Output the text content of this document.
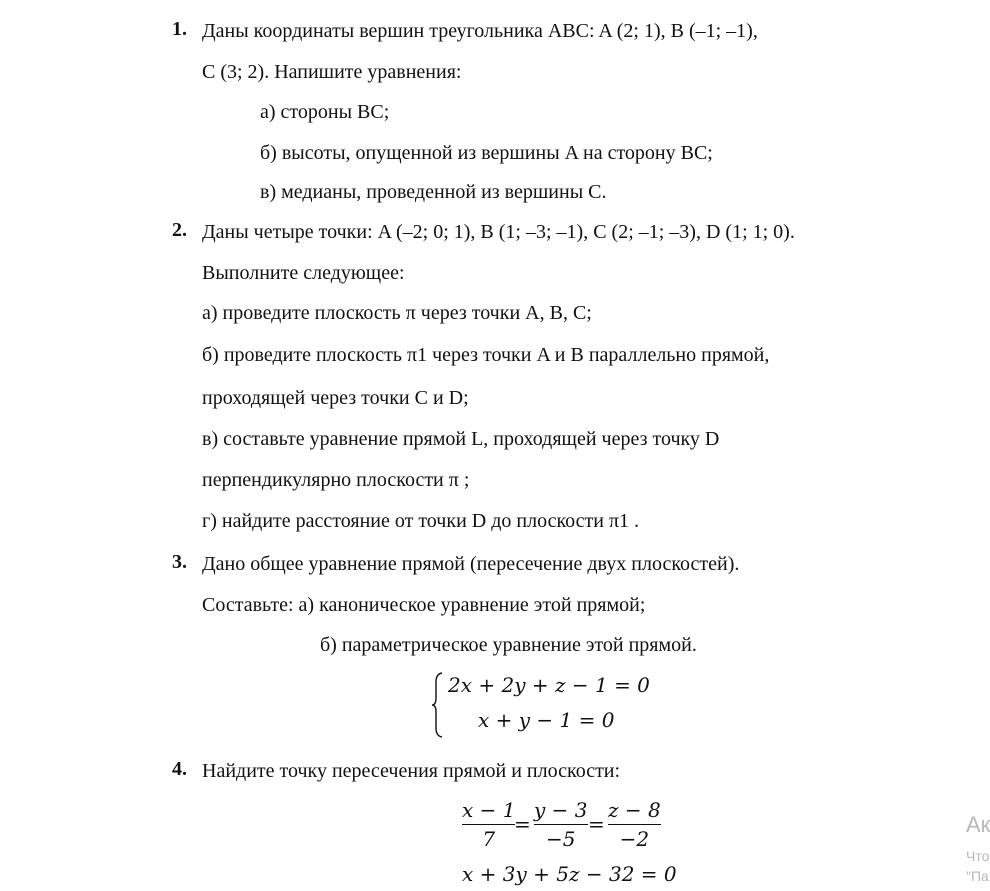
1. Даны координаты вершин треугольника ABC: A (2; 1), B (–1; –1),
C (3; 2). Напишите уравнения:
а) стороны BC;
б) высоты, опущенной из вершины A на сторону BC;
в) медианы, проведенной из вершины C.
2. Даны четыре точки: A (–2; 0; 1), B (1; –3; –1), C (2; –1; –3), D (1; 1; 0).
Выполните следующее:
а) проведите плоскость π через точки A, B, C;
б) проведите плоскость π1 через точки A и B параллельно прямой,
проходящей через точки C и D;
в) составьте уравнение прямой L, проходящей через точку D
перпендикулярно плоскости π ;
г) найдите расстояние от точки D до плоскости π1 .
3. Дано общее уравнение прямой (пересечение двух плоскостей).
Составьте: а) каноническое уравнение этой прямой;
б) параметрическое уравнение этой прямой.
2x + 2y + z − 1 = 0
x + y − 1 = 0
4. Найдите точку пересечения прямой и плоскости:
x − 1
7
=
y − 3
−5
=
z − 8
−2
x + 3y + 5z − 32 = 0
Ак
Что
"Па
